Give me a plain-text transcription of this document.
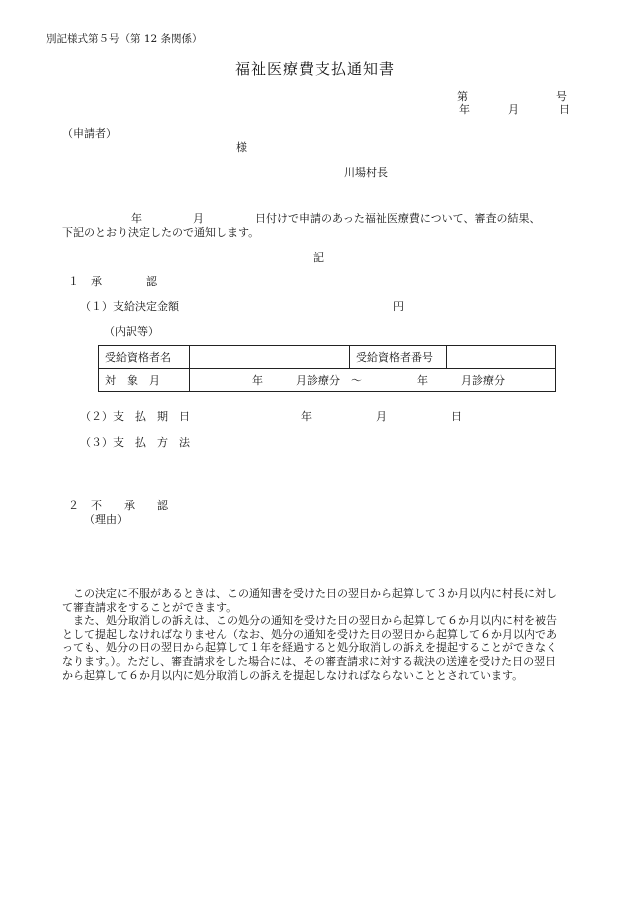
別記様式第５号（第 12 条関係）
福祉医療費支払通知書
第	号
年	月	日
（申請者）
様
川場村長
年	月	日付けで申請のあった福祉医療費について、審査の結果、
下記のとおり決定したので通知します。
記
１ 承　　　　認
（１）支給決定金額	円
（内訳等）
受給資格者名		受給資格者番号	
対　象　月	年　　　月診療分　～　　　　　年　　　月診療分		
（２）支　払　期　日	年	月	日
（３）支　払　方　法
２ 不　　承　　認
（理由）
この決定に不服があるときは、この通知書を受けた日の翌日から起算して３か月以内に村長に対して審査請求をすることができます。
また、処分取消しの訴えは、この処分の通知を受けた日の翌日から起算して６か月以内に村を被告として提起しなければなりません（なお、処分の通知を受けた日の翌日から起算して６か月以内であっても、処分の日の翌日から起算して１年を経過すると処分取消しの訴えを提起することができなくなります。）。ただし、審査請求をした場合には、その審査請求に対する裁決の送達を受けた日の翌日から起算して６か月以内に処分取消しの訴えを提起しなければならないこととされています。
